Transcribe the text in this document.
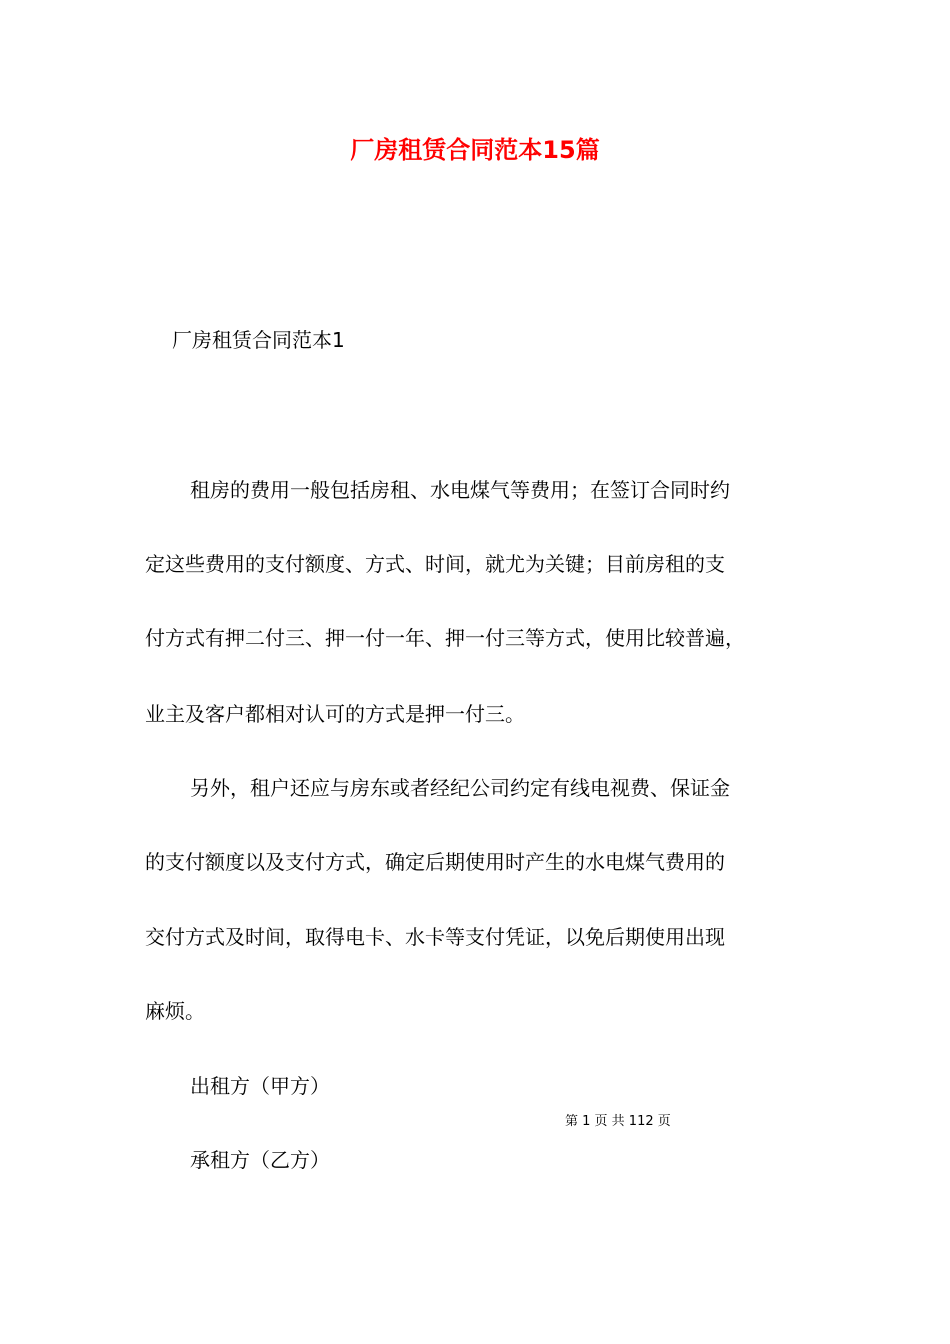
厂房租赁合同范本15篇

厂房租赁合同范本1

租房的费用一般包括房租、水电煤气等费用；在签订合同时约

定这些费用的支付额度、方式、时间，就尤为关键；目前房租的支

付方式有押二付三、押一付一年、押一付三等方式，使用比较普遍，

业主及客户都相对认可的方式是押一付三。

另外，租户还应与房东或者经纪公司约定有线电视费、保证金

的支付额度以及支付方式，确定后期使用时产生的水电煤气费用的

交付方式及时间，取得电卡、水卡等支付凭证，以免后期使用出现

麻烦。

出租方（甲方）

第 1 页 共 112 页

承租方（乙方）
